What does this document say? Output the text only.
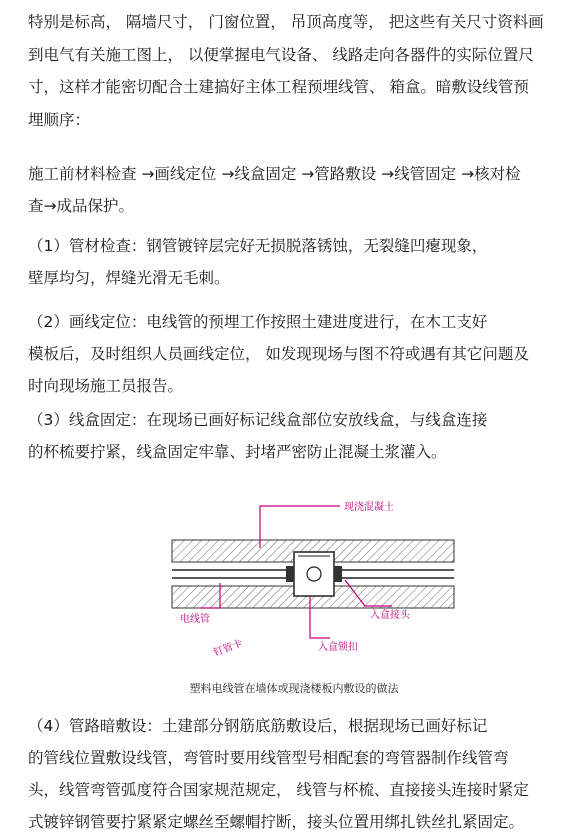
特别是标高， 隔墙尺寸， 门窗位置， 吊顶高度等， 把这些有关尺寸资料画
到电气有关施工图上， 以便掌握电气设备、 线路走向各器件的实际位置尺
寸，这样才能密切配合土建搞好主体工程预埋线管、 箱盒。暗敷设线管预
埋顺序：
施工前材料检查 →画线定位 →线盒固定 →管路敷设 →线管固定 →核对检
查→成品保护。
（1）管材检查：钢管镀锌层完好无损脱落锈蚀，无裂缝凹瘪现象，
壁厚均匀，焊缝光滑无毛刺。
（2）画线定位：电线管的预埋工作按照土建进度进行，在木工支好
模板后，及时组织人员画线定位， 如发现现场与图不符或遇有其它问题及
时向现场施工员报告。
（3）线盒固定：在现场已画好标记线盒部位安放线盒，与线盒连接
的杯梳要拧紧，线盒固定牢靠、封堵严密防止混凝土浆灌入。
（4）管路暗敷设：土建部分钢筋底筋敷设后，根据现场已画好标记
的管线位置敷设线管，弯管时要用线管型号相配套的弯管器制作线管弯
头，线管弯管弧度符合国家规范规定， 线管与杯梳、直接接头连接时紧定
式镀锌钢管要拧紧紧定螺丝至螺帽拧断，接头位置用绑扎铁丝扎紧固定。
现浇混凝土
电线管	入盒接头
入盒锁扣
钉管卡
塑料电线管在墙体或现浇楼板内敷设的做法
